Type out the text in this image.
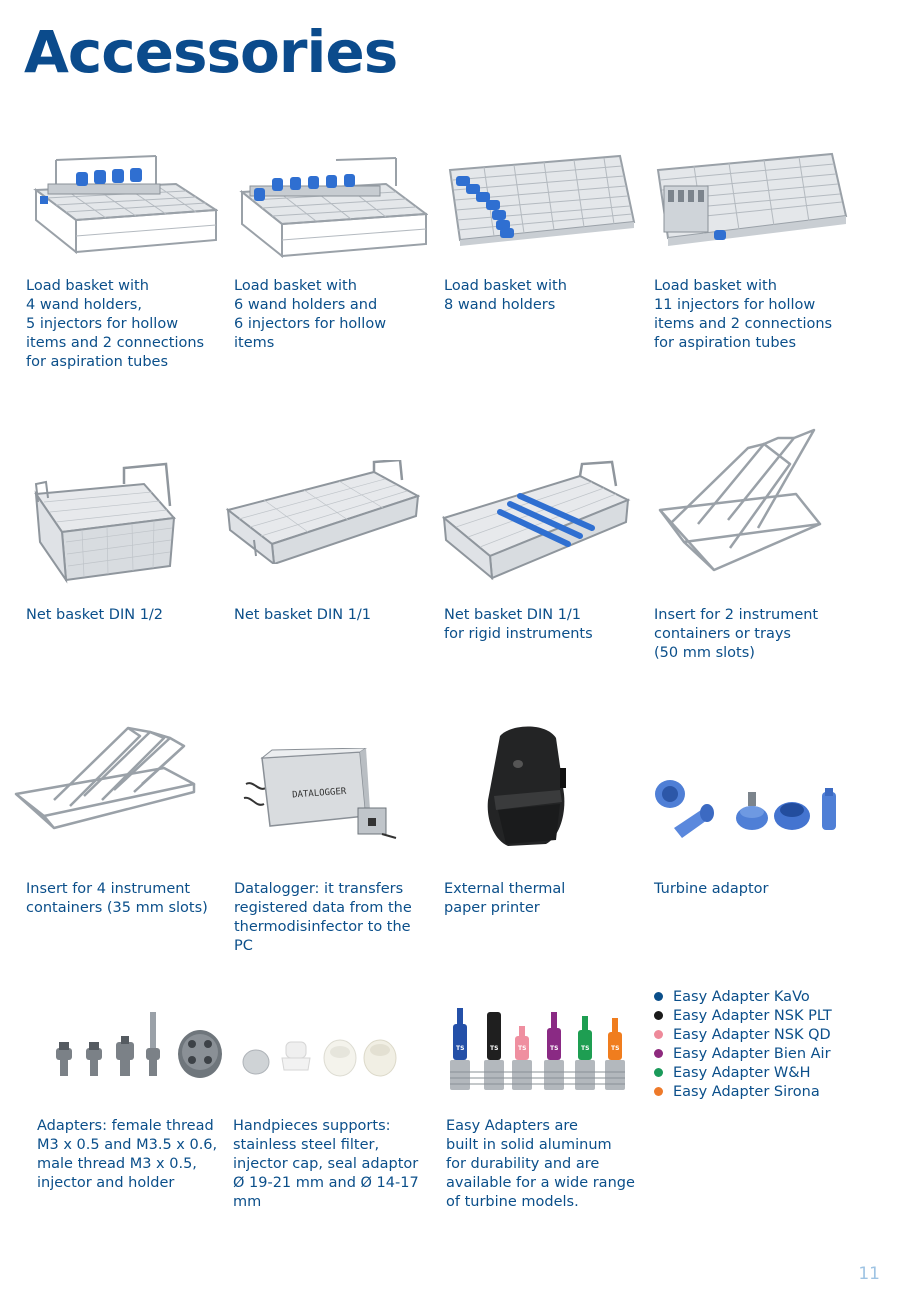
Accessories
Load basket with
4 wand holders,
5 injectors for hollow
items and 2 connections
for aspiration tubes
Load basket with
6 wand holders and
6 injectors for hollow
items
Load basket with
8 wand holders
Load basket with
11 injectors for hollow
items and 2 connections
for aspiration tubes
Net basket DIN 1/2	Net basket DIN 1/1	Net basket DIN 1/1
for rigid instruments
Insert for 2 instrument
containers or trays
(50 mm slots)
DATALOGGER
Insert for 4 instrument
containers (35 mm slots)
Datalogger: it transfers
registered data from the
thermodisinfector to the
PC
External thermal
paper printer
Turbine adaptor
TS	TS	TS	TS	TS	TS
Adapters: female thread
M3 x 0.5 and M3.5 x 0.6,
male thread M3 x 0.5,
injector and holder
Handpieces supports:
stainless steel filter,
injector cap, seal adaptor
Ø 19-21 mm and Ø 14-17
mm
Easy Adapters are
built in solid aluminum
for durability and are
available for a wide range
of turbine models.
Easy Adapter KaVo
Easy Adapter NSK PLT
Easy Adapter NSK QD
Easy Adapter Bien Air
Easy Adapter W&H
Easy Adapter Sirona
11
